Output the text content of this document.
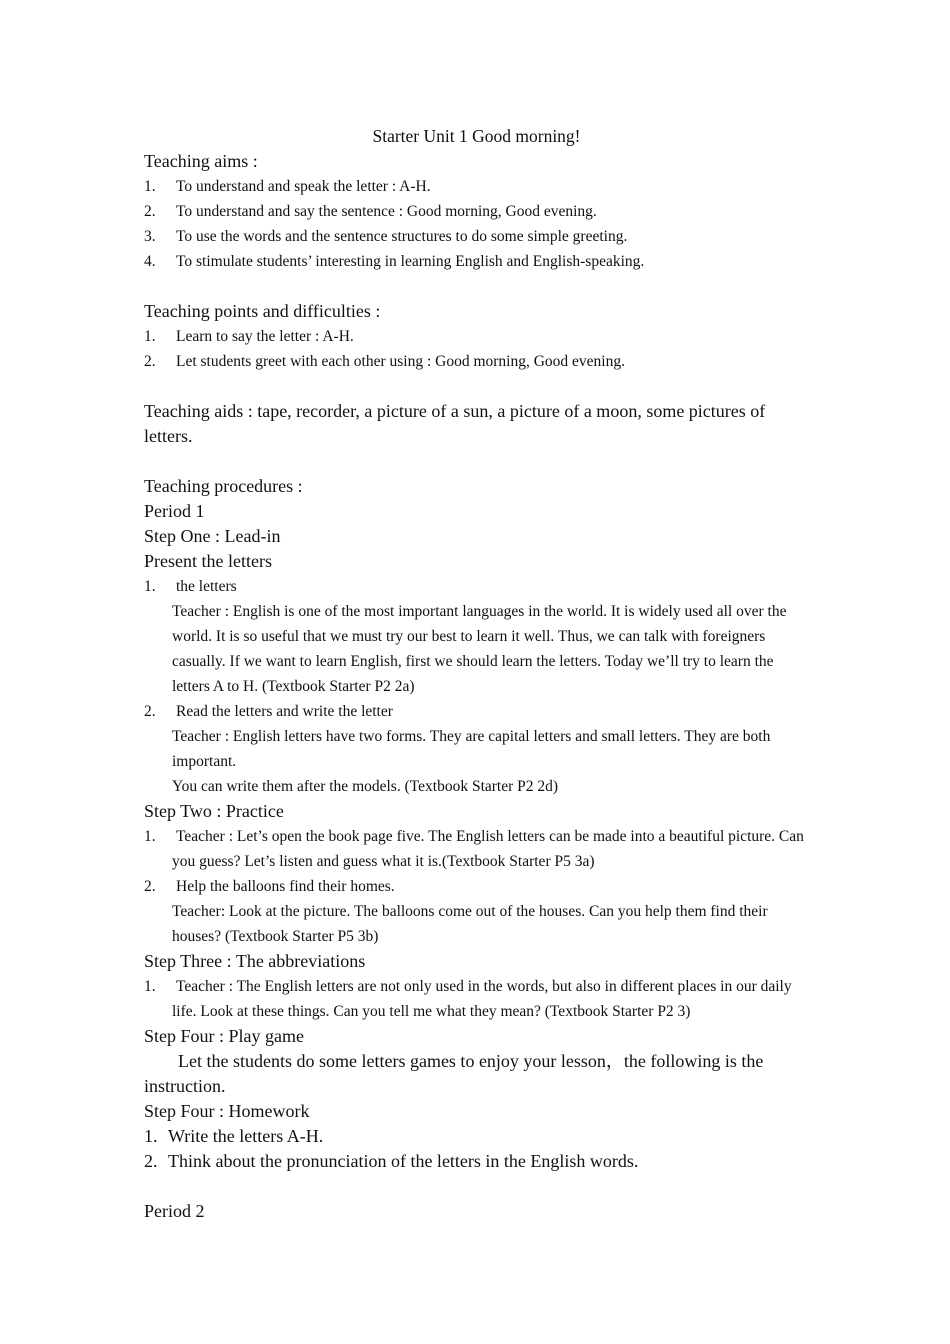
Starter Unit 1 Good morning!
Teaching aims :
1.	To understand and speak the letter : A-H.
2.	To understand and say the sentence : Good morning, Good evening.
3.	To use the words and the sentence structures to do some simple greeting.
4.	To stimulate students’ interesting in learning English and English-speaking.
Teaching points and difficulties :
1.	Learn to say the letter : A-H.
2.	Let students greet with each other using : Good morning, Good evening.
Teaching aids : tape, recorder, a picture of a sun, a picture of a moon, some pictures of letters.
Teaching procedures :
Period 1
Step One : Lead-in
Present the letters
1. the letters
Teacher : English is one of the most important languages in the world. It is widely used all over the world. It is so useful that we must try our best to learn it well. Thus, we can talk with foreigners casually. If we want to learn English, first we should learn the letters. Today we’ll try to learn the letters A to H. (Textbook Starter P2 2a)
2. Read the letters and write the letter
Teacher : English letters have two forms. They are capital letters and small letters. They are both important.
You can write them after the models. (Textbook Starter P2 2d)
Step Two : Practice
1. Teacher : Let’s open the book page five. The English letters can be made into a beautiful picture. Can you guess? Let’s listen and guess what it is.(Textbook Starter P5 3a)
2. Help the balloons find their homes.
Teacher: Look at the picture. The balloons come out of the houses. Can you help them find their houses? (Textbook Starter P5 3b)
Step Three : The abbreviations
1. Teacher : The English letters are not only used in the words, but also in different places in our daily life. Look at these things. Can you tell me what they mean? (Textbook Starter P2 3)
Step Four : Play game
Let the students do some letters games to enjoy your lesson，the following is the instruction.
Step Four : Homework
1. Write the letters A-H.
2. Think about the pronunciation of the letters in the English words.
Period 2
